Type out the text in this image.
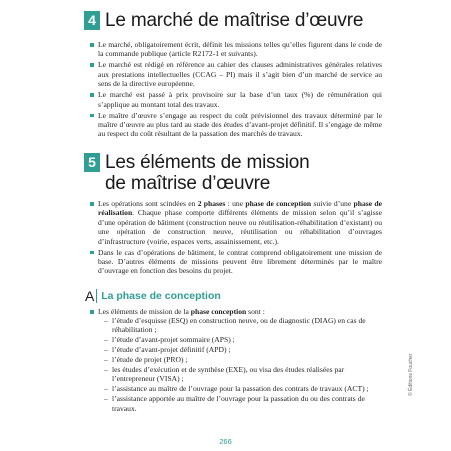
4 Le marché de maîtrise d’œuvre
Le marché, obligatoirement écrit, définit les missions telles qu’elles figurent dans le code de la commande publique (article R2172-1 et suivants).
Le marché est rédigé en référence au cahier des clauses administratives générales relatives aux prestations intellectuelles (CCAG – PI) mais il s’agit bien d’un marché de service au sens de la directive européenne.
Le marché est passé à prix provisoire sur la base d’un taux (%) de rémunération qui s’applique au montant total des travaux.
Le maître d’œuvre s’engage au respect du coût prévisionnel des travaux déterminé par le maître d’œuvre au plus tard au stade des études d’avant-projet définitif. Il s’engage de même au respect du coût résultant de la passation des marchés de travaux.
5 Les éléments de mission
de maîtrise d’œuvre
Les opérations sont scindées en 2 phases : une phase de conception suivie d’une phase de réalisation. Chaque phase comporte différents éléments de mission selon qu’il s’agisse d’une opération de bâtiment (construction neuve ou réutilisation-réhabilitation d’existant) ou une opération de construction neuve, réutilisation ou réhabilitation d’ouvrages d’infrastructure (voirie, espaces verts, assainissement, etc.).
Dans le cas d’opérations de bâtiment, le contrat comprend obligatoirement une mission de base. D’autres éléments de missions peuvent être librement déterminés par le maître d’ouvrage en fonction des besoins du projet.
A La phase de conception
Les éléments de mission de la phase conception sont :
– l’étude d’esquisse (ESQ) en construction neuve, ou de diagnostic (DIAG) en cas de réhabilitation ;
– l’étude d’avant-projet sommaire (APS) ;
– l’étude d’avant-projet définitif (APD) ;
– l’étude de projet (PRO) ;
– les études d’exécution et de synthèse (EXE), ou visa des études réalisées par l’entrepreneur (VISA) ;
– l’assistance au maître de l’ouvrage pour la passation des contrats de travaux (ACT) ;
– l’assistance apportée au maître de l’ouvrage pour la passation du ou des contrats de travaux.
266
© Éditions Foucher
